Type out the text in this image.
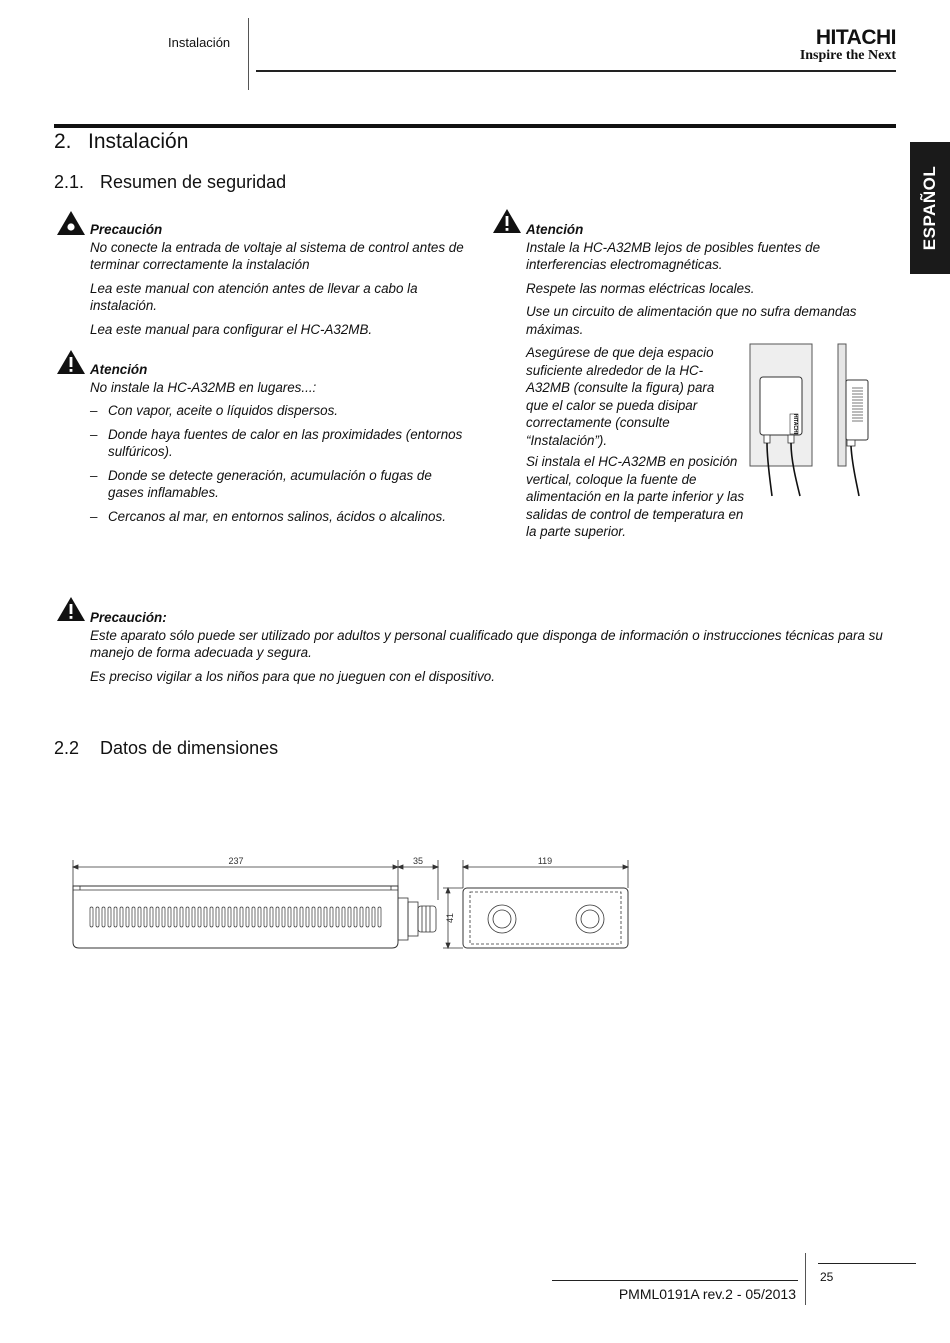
Instalación	HITACHI
Inspire the Next
ESPAÑOL
2. Instalación
2.1. Resumen de seguridad

Precaución

No conecte la entrada de voltaje al sistema de control antes de terminar correctamente la instalación

Lea este manual con atención antes de llevar a cabo la instalación.

Lea este manual para configurar el HC-A32MB.

Atención

No instale la HC-A32MB en lugares...:

– Con vapor, aceite o líquidos dispersos.
– Donde haya fuentes de calor en las proximidades (entornos sulfúricos).
– Donde se detecte generación, acumulación o fugas de gases inflamables.
– Cercanos al mar, en entornos salinos, ácidos o alcalinos.

Atención

Instale la HC-A32MB lejos de posibles fuentes de interferencias electromagnéticas.

Respete las normas eléctricas locales.

Use un circuito de alimentación que no sufra demandas máximas.

Asegúrese de que deja espacio suficiente alrededor de la HC-A32MB (consulte la figura) para que el calor se pueda disipar correctamente (consulte “Instalación”).

Si instala el HC-A32MB en posición vertical, coloque la fuente de alimentación en la parte inferior y las salidas de control de temperatura en la parte superior.

HITACHI

Precaución:

Este aparato sólo puede ser utilizado por adultos y personal cualificado que disponga de información o instrucciones técnicas para su manejo de forma adecuada y segura.

Es preciso vigilar a los niños para que no jueguen con el dispositivo.

2.2 Datos de dimensiones
237	35	119
41
PMML0191A rev.2 - 05/2013
25
